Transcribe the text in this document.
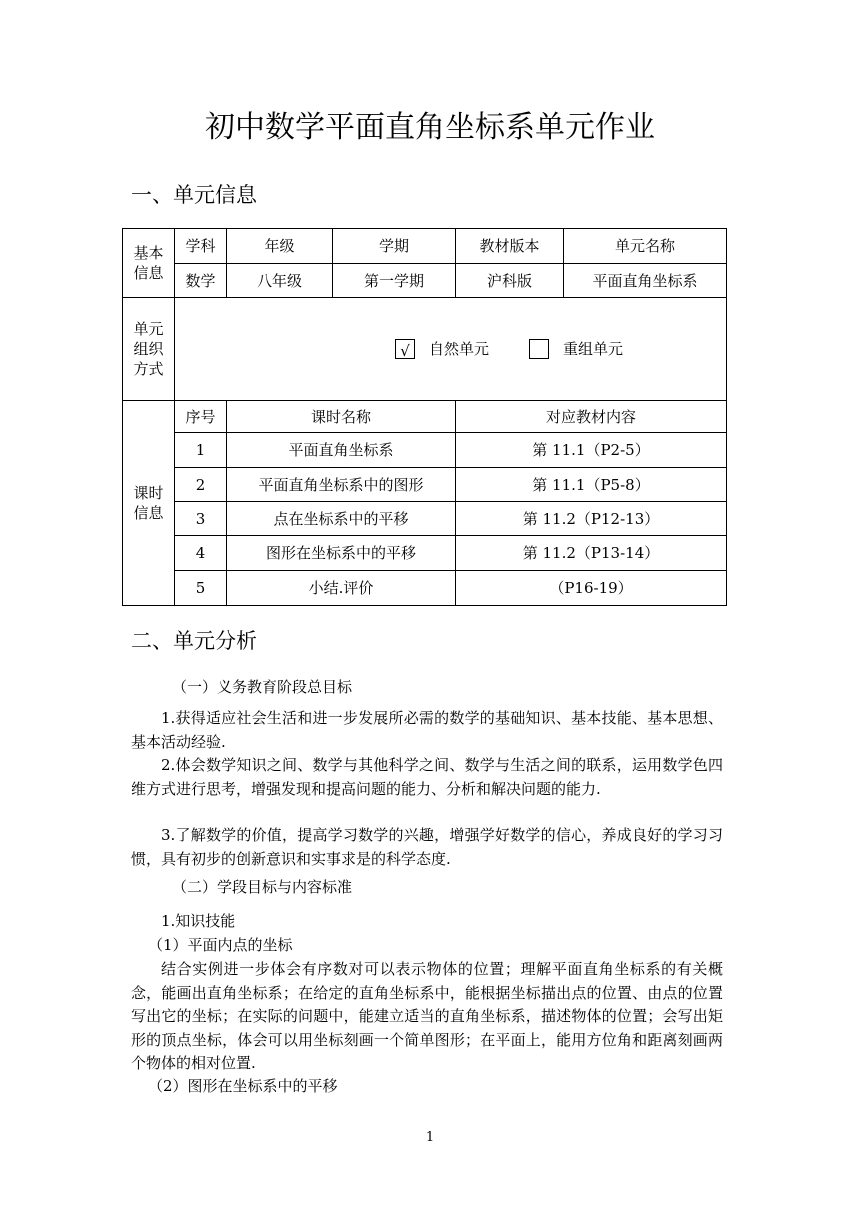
初中数学平面直角坐标系单元作业
一、单元信息
基本
信息	学科	年级	学期	教材版本	单元名称
	数学	八年级	第一学期	沪科版	平面直角坐标系
单元
组织
方式	√ 自然单元 重组单元				

课时
信息	序号	课时名称		对应教材内容	
	1	平面直角坐标系		第 11.1（P2-5）	
	2	平面直角坐标系中的图形		第 11.1（P5-8）	
	3	点在坐标系中的平移		第 11.2（P12-13）	
	4	图形在坐标系中的平移		第 11.2（P13-14）	
	5	小结.评价		（P16-19）	
二、单元分析
（一）义务教育阶段总目标

1.获得适应社会生活和进一步发展所必需的数学的基础知识、基本技能、基本思想、基本活动经验.

2.体会数学知识之间、数学与其他科学之间、数学与生活之间的联系，运用数学色四维方式进行思考，增强发现和提高问题的能力、分析和解决问题的能力.

3.了解数学的价值，提高学习数学的兴趣，增强学好数学的信心，养成良好的学习习惯，具有初步的创新意识和实事求是的科学态度.

（二）学段目标与内容标准

1.知识技能

（1）平面内点的坐标

结合实例进一步体会有序数对可以表示物体的位置；理解平面直角坐标系的有关概念，能画出直角坐标系；在给定的直角坐标系中，能根据坐标描出点的位置、由点的位置写出它的坐标；在实际的问题中，能建立适当的直角坐标系，描述物体的位置；会写出矩形的顶点坐标，体会可以用坐标刻画一个简单图形；在平面上，能用方位角和距离刻画两个物体的相对位置.

（2）图形在坐标系中的平移

1
